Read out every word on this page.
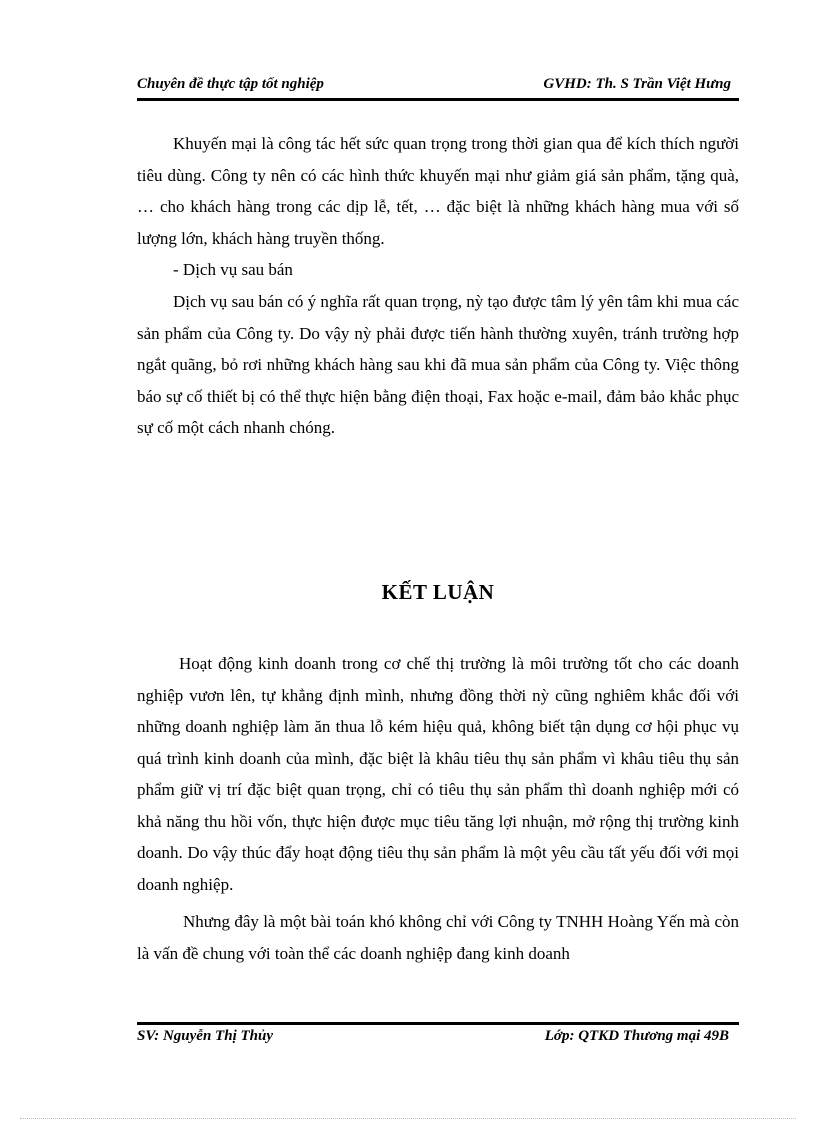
Chuyên đề thực tập tốt nghiệp	GVHD: Th. S Trần Việt Hưng

Khuyến mại là công tác hết sức quan trọng trong thời gian qua để kích thích người tiêu dùng. Công ty nên có các hình thức khuyến mại như giảm giá sản phẩm, tặng quà, … cho khách hàng trong các dịp lễ, tết, … đặc biệt là những khách hàng mua với số lượng lớn, khách hàng truyền thống.

- Dịch vụ sau bán

Dịch vụ sau bán có ý nghĩa rất quan trọng, nỳ tạo được tâm lý yên tâm khi mua các sản phẩm của Công ty. Do vậy nỳ phải được tiến hành thường xuyên, tránh trường hợp ngắt quãng, bỏ rơi những khách hàng sau khi đã mua sản phẩm của Công ty. Việc thông báo sự cố thiết bị có thể thực hiện bằng điện thoại, Fax hoặc e-mail, đảm bảo khắc phục sự cố một cách nhanh chóng.

KẾT LUẬN

Hoạt động kinh doanh trong cơ chế thị trường là môi trường tốt cho các doanh nghiệp vươn lên, tự khẳng định mình, nhưng đồng thời nỳ cũng nghiêm khắc đối với những doanh nghiệp làm ăn thua lỗ kém hiệu quả, không biết tận dụng cơ hội phục vụ quá trình kinh doanh của mình, đặc biệt là khâu tiêu thụ sản phẩm vì khâu tiêu thụ sản phẩm giữ vị trí đặc biệt quan trọng, chỉ có tiêu thụ sản phẩm thì doanh nghiệp mới có khả năng thu hồi vốn, thực hiện được mục tiêu tăng lợi nhuận, mở rộng thị trường kinh doanh. Do vậy thúc đẩy hoạt động tiêu thụ sản phẩm là một yêu cầu tất yếu đối với mọi doanh nghiệp.

Nhưng đây là một bài toán khó không chỉ với Công ty TNHH Hoàng Yến mà còn là vấn đề chung với toàn thể các doanh nghiệp đang kinh doanh

SV: Nguyễn Thị Thủy	Lớp: QTKD Thương mại 49B
